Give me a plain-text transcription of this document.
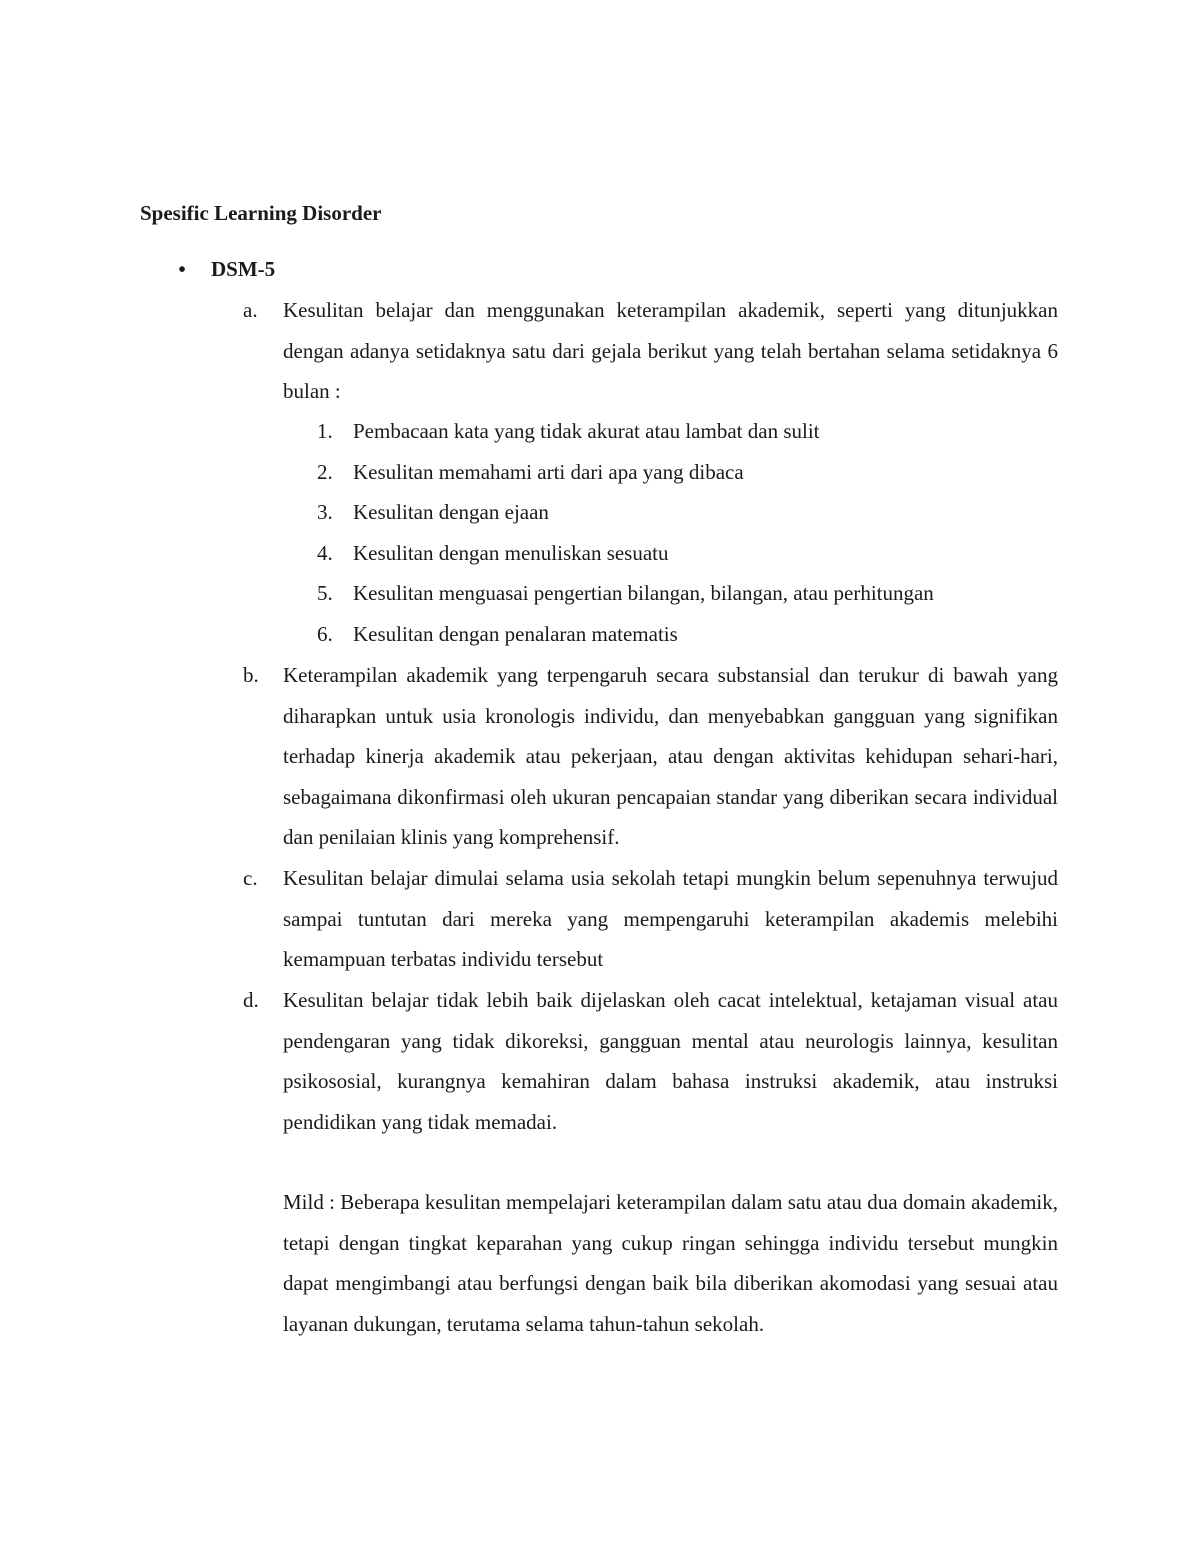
Spesific Learning Disorder
• DSM-5
a.	Kesulitan belajar dan menggunakan keterampilan akademik, seperti yang ditunjukkan dengan adanya setidaknya satu dari gejala berikut yang telah bertahan selama setidaknya 6 bulan :

1. Pembacaan kata yang tidak akurat atau lambat dan sulit
2. Kesulitan memahami arti dari apa yang dibaca
3. Kesulitan dengan ejaan
4. Kesulitan dengan menuliskan sesuatu
5. Kesulitan menguasai pengertian bilangan, bilangan, atau perhitungan
6. Kesulitan dengan penalaran matematis
b.	Keterampilan akademik yang terpengaruh secara substansial dan terukur di bawah yang diharapkan untuk usia kronologis individu, dan menyebabkan gangguan yang signifikan terhadap kinerja akademik atau pekerjaan, atau dengan aktivitas kehidupan sehari-hari, sebagaimana dikonfirmasi oleh ukuran pencapaian standar yang diberikan secara individual dan penilaian klinis yang komprehensif.

c.	Kesulitan belajar dimulai selama usia sekolah tetapi mungkin belum sepenuhnya terwujud sampai tuntutan dari mereka yang mempengaruhi keterampilan akademis melebihi kemampuan terbatas individu tersebut

d.	Kesulitan belajar tidak lebih baik dijelaskan oleh cacat intelektual, ketajaman visual atau pendengaran yang tidak dikoreksi, gangguan mental atau neurologis lainnya, kesulitan psikososial, kurangnya kemahiran dalam bahasa instruksi akademik, atau instruksi pendidikan yang tidak memadai.

Mild : Beberapa kesulitan mempelajari keterampilan dalam satu atau dua domain akademik, tetapi dengan tingkat keparahan yang cukup ringan sehingga individu tersebut mungkin dapat mengimbangi atau berfungsi dengan baik bila diberikan akomodasi yang sesuai atau layanan dukungan, terutama selama tahun-tahun sekolah.
